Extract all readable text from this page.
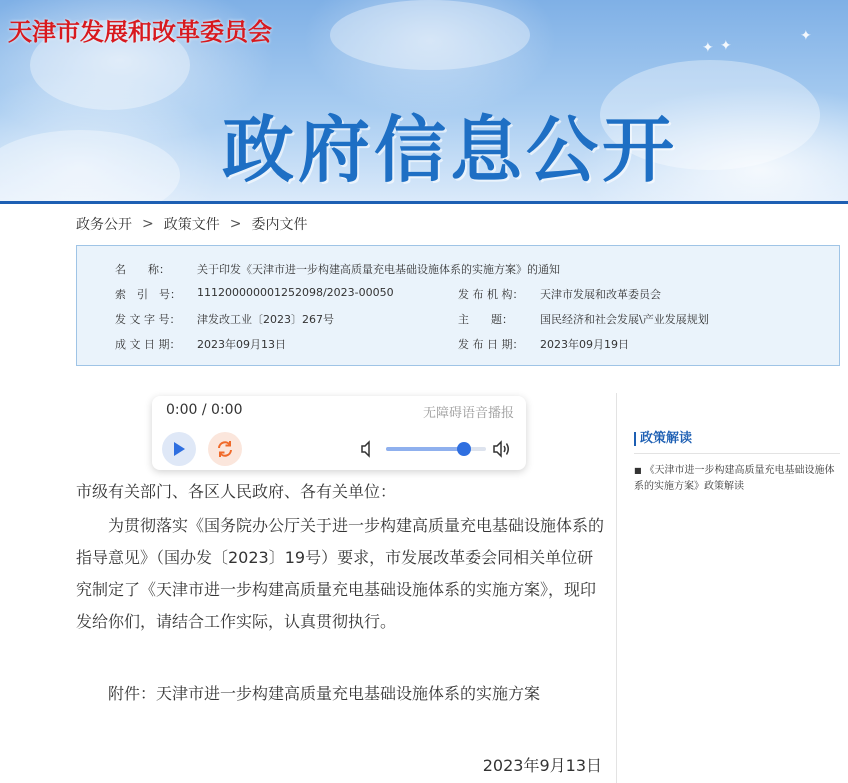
✦ ✦
✦
天津市发展和改革委员会
政府信息公开
政务公开 > 政策文件 > 委内文件
名　　称：	关于印发《天津市进一步构建高质量充电基础设施体系的实施方案》的通知
索　引　号：	111200000001252098/2023-00050	发 布 机 构：	天津市发展和改革委员会
发 文 字 号：	津发改工业〔2023〕267号	主　　题：	国民经济和社会发展\产业发展规划
成 文 日 期：	2023年09月13日	发 布 日 期：	2023年09月19日
0:00 / 0:00	无障碍语音播报
市级有关部门、各区人民政府、各有关单位：
为贯彻落实《国务院办公厅关于进一步构建高质量充电基础设施体系的指导意见》（国办发〔2023〕19号）要求，市发展改革委会同相关单位研究制定了《天津市进一步构建高质量充电基础设施体系的实施方案》，现印发给你们，请结合工作实际，认真贯彻执行。
附件：天津市进一步构建高质量充电基础设施体系的实施方案
2023年9月13日
政策解读
■ 《天津市进一步构建高质量充电基础设施体系的实施方案》政策解读
